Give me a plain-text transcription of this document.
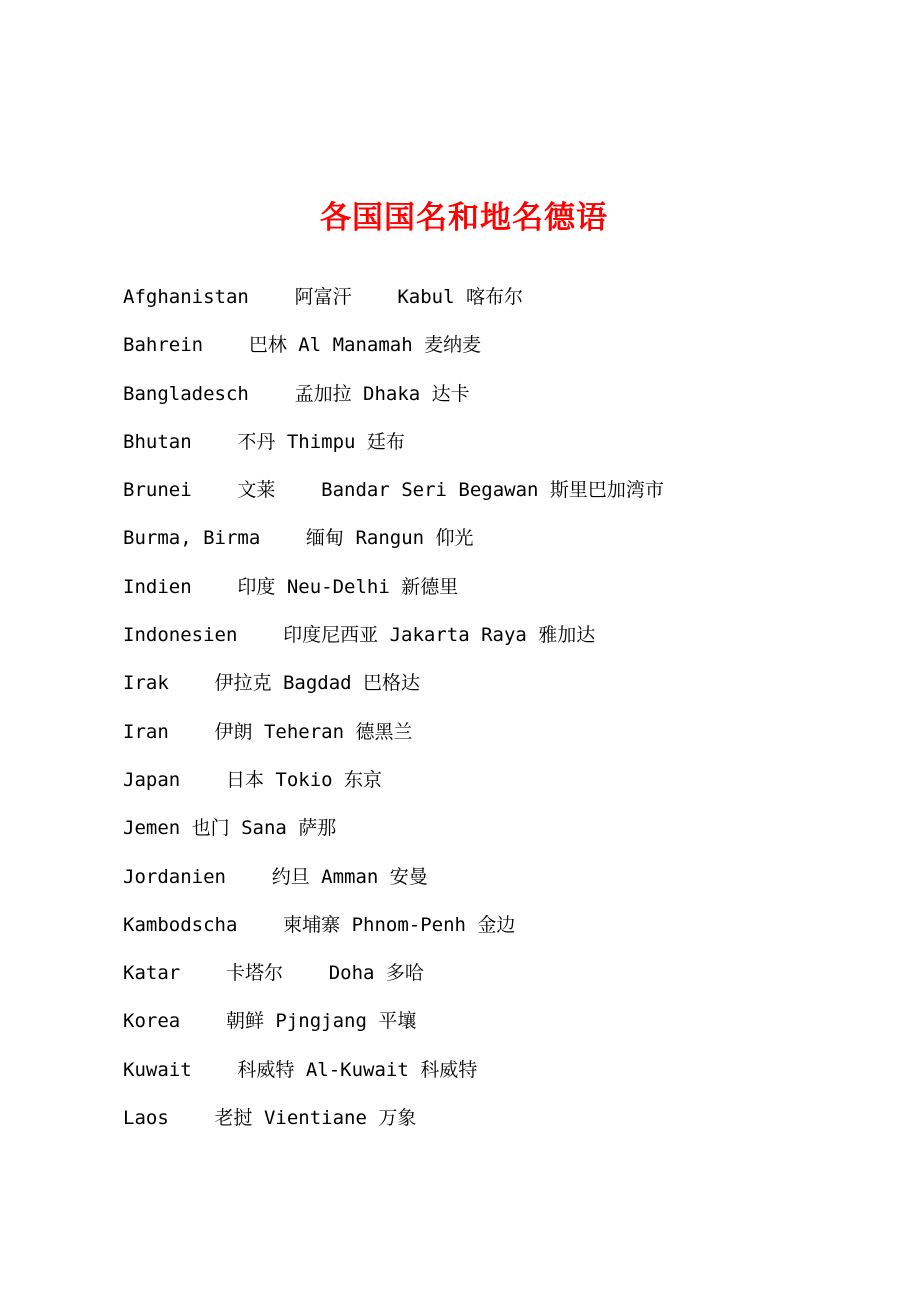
各国国名和地名德语
Afghanistan    阿富汗    Kabul 喀布尔
Bahrein    巴林 Al Manamah 麦纳麦
Bangladesch    孟加拉 Dhaka 达卡
Bhutan    不丹 Thimpu 廷布
Brunei    文莱    Bandar Seri Begawan 斯里巴加湾市
Burma, Birma    缅甸 Rangun 仰光
Indien    印度 Neu-Delhi 新德里
Indonesien    印度尼西亚 Jakarta Raya 雅加达
Irak    伊拉克 Bagdad 巴格达
Iran    伊朗 Teheran 德黑兰
Japan    日本 Tokio 东京
Jemen 也门 Sana 萨那
Jordanien    约旦 Amman 安曼
Kambodscha    柬埔寨 Phnom-Penh 金边
Katar    卡塔尔    Doha 多哈
Korea    朝鲜 Pjngjang 平壤
Kuwait    科威特 Al-Kuwait 科威特
Laos    老挝 Vientiane 万象
